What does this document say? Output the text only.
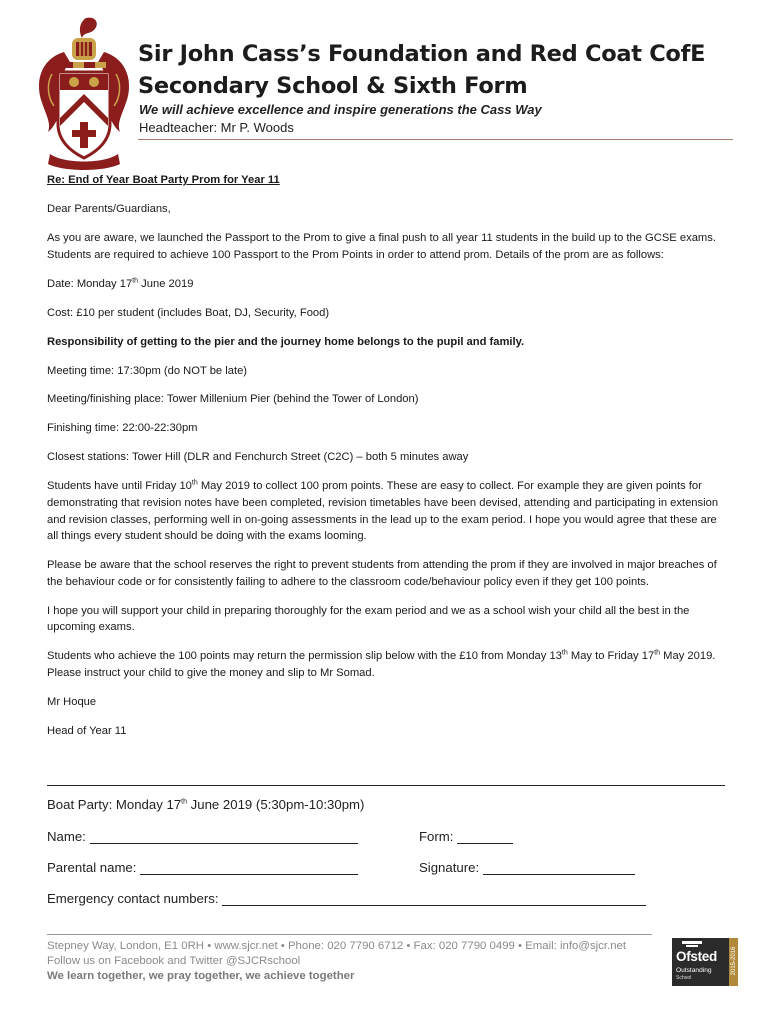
Sir John Cass’s Foundation and Red Coat CofE
Secondary School & Sixth Form
We will achieve excellence and inspire generations the Cass Way
Headteacher: Mr P. Woods

Re: End of Year Boat Party Prom for Year 11

Dear Parents/Guardians,

As you are aware, we launched the Passport to the Prom to give a final push to all year 11 students in the build up to the GCSE exams. Students are required to achieve 100 Passport to the Prom Points in order to attend prom. Details of the prom are as follows:

Date: Monday 17th June 2019

Cost: £10 per student (includes Boat, DJ, Security, Food)

Responsibility of getting to the pier and the journey home belongs to the pupil and family.

Meeting time: 17:30pm (do NOT be late)

Meeting/finishing place: Tower Millenium Pier (behind the Tower of London)

Finishing time: 22:00-22:30pm

Closest stations: Tower Hill (DLR and Fenchurch Street (C2C) – both 5 minutes away

Students have until Friday 10th May 2019 to collect 100 prom points. These are easy to collect. For example they are given points for demonstrating that revision notes have been completed, revision timetables have been devised, attending and participating in extension and revision classes, performing well in on-going assessments in the lead up to the exam period. I hope you would agree that these are all things every student should be doing with the exams looming.

Please be aware that the school reserves the right to prevent students from attending the prom if they are involved in major breaches of the behaviour code or for consistently failing to adhere to the classroom code/behaviour policy even if they get 100 points.

I hope you will support your child in preparing thoroughly for the exam period and we as a school wish your child all the best in the upcoming exams.

Students who achieve the 100 points may return the permission slip below with the £10 from Monday 13th May to Friday 17th May 2019. Please instruct your child to give the money and slip to Mr Somad.

Mr Hoque

Head of Year 11

Boat Party: Monday 17th June 2019 (5:30pm-10:30pm)
Name:	Form:
Parental name:	Signature:
Emergency contact numbers:
Stepney Way, London, E1 0RH • www.sjcr.net • Phone: 020 7790 6712 • Fax: 020 7790 0499 • Email: info@sjcr.net
Follow us on Facebook and Twitter @SJCRschool
We learn together, we pray together, we achieve together
Ofsted
Outstanding
School
2015-2016
